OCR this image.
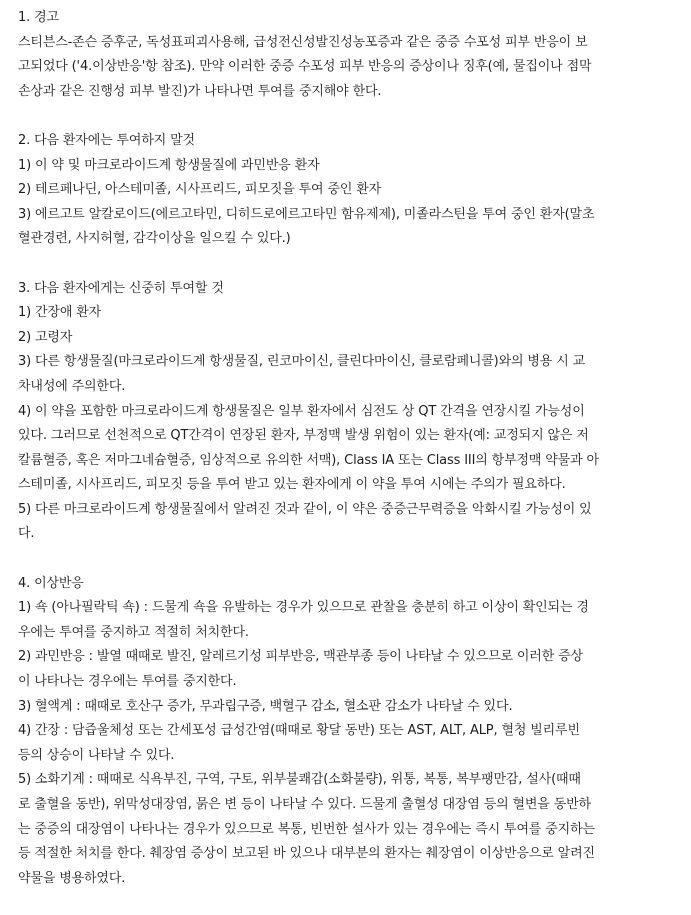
1. 경고
스티븐스-존슨 증후군, 독성표피괴사용해, 급성전신성발진성농포증과 같은 중증 수포성 피부 반응이 보
고되었다 ('4.이상반응'항 참조). 만약 이러한 중증 수포성 피부 반응의 증상이나 징후(예, 물집이나 점막
손상과 같은 진행성 피부 발진)가 나타나면 투여를 중지해야 한다.
2. 다음 환자에는 투여하지 말것
1) 이 약 및 마크로라이드계 항생물질에 과민반응 환자
2) 테르페나딘, 아스테미졸, 시사프리드, 피모짓을 투여 중인 환자
3) 에르고트 알칼로이드(에르고타민, 디히드로에르고타민 함유제제), 미졸라스틴을 투여 중인 환자(말초
혈관경련, 사지허혈, 감각이상을 일으킬 수 있다.)
3. 다음 환자에게는 신중히 투여할 것
1) 간장애 환자
2) 고령자
3) 다른 항생물질(마크로라이드계 항생물질, 린코마이신, 클린다마이신, 클로람페니콜)와의 병용 시 교
차내성에 주의한다.
4) 이 약을 포함한 마크로라이드계 항생물질은 일부 환자에서 심전도 상 QT 간격을 연장시킬 가능성이
있다. 그러므로 선천적으로 QT간격이 연장된 환자, 부정맥 발생 위험이 있는 환자(예: 교정되지 않은 저
칼륨혈증, 혹은 저마그네슘혈증, 임상적으로 유의한 서맥), Class IA 또는 Class III의 항부정맥 약물과 아
스테미졸, 시사프리드, 피모짓 등을 투여 받고 있는 환자에게 이 약을 투여 시에는 주의가 필요하다.
5) 다른 마크로라이드계 항생물질에서 알려진 것과 같이, 이 약은 중증근무력증을 악화시킬 가능성이 있
다.
4. 이상반응
1) 쇽 (아나필락틱 쇽) : 드물게 쇽을 유발하는 경우가 있으므로 관찰을 충분히 하고 이상이 확인되는 경
우에는 투여를 중지하고 적절히 처치한다.
2) 과민반응 : 발열 때때로 발진, 알레르기성 피부반응, 맥관부종 등이 나타날 수 있으므로 이러한 증상
이 나타나는 경우에는 투여를 중지한다.
3) 혈액계 : 때때로 호산구 증가, 무과립구증, 백혈구 감소, 혈소판 감소가 나타날 수 있다.
4) 간장 : 담즙울체성 또는 간세포성 급성간염(때때로 황달 동반) 또는 AST, ALT, ALP, 혈청 빌리루빈
등의 상승이 나타날 수 있다.
5) 소화기계 : 때때로 식욕부진, 구역, 구토, 위부불쾌감(소화불량), 위통, 복통, 복부팽만감, 설사(때때
로 출혈을 동반), 위막성대장염, 묽은 변 등이 나타날 수 있다. 드물게 출혈성 대장염 등의 혈변을 동반하
는 중증의 대장염이 나타나는 경우가 있으므로 복통, 빈번한 설사가 있는 경우에는 즉시 투여를 중지하는
등 적절한 처치를 한다. 췌장염 증상이 보고된 바 있으나 대부분의 환자는 췌장염이 이상반응으로 알려진
약물을 병용하였다.
